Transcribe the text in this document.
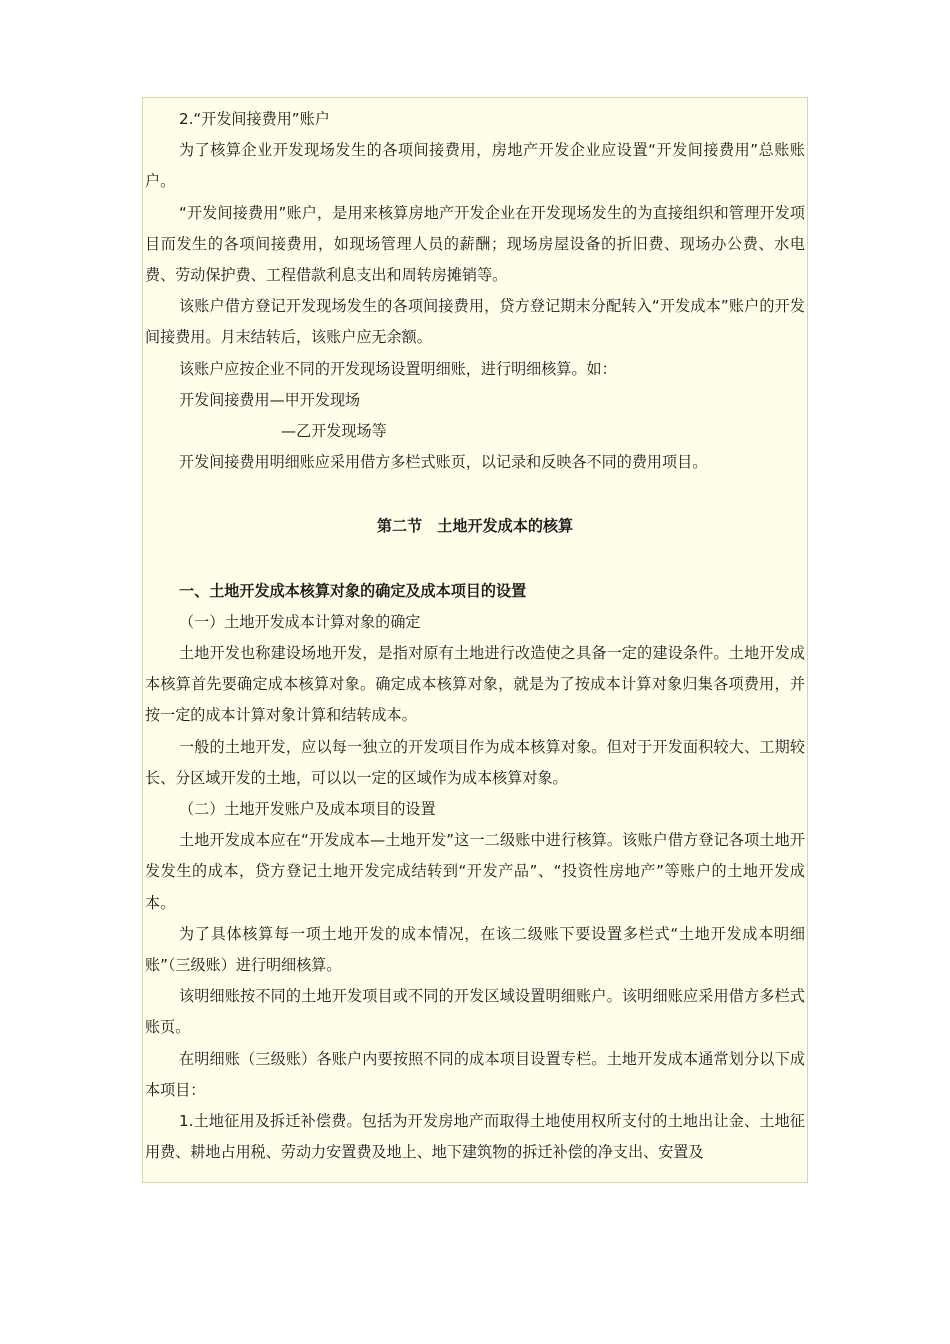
2.“开发间接费用”账户

为了核算企业开发现场发生的各项间接费用，房地产开发企业应设置“开发间接费用”总账账户。

“开发间接费用”账户，是用来核算房地产开发企业在开发现场发生的为直接组织和管理开发项目而发生的各项间接费用，如现场管理人员的薪酬；现场房屋设备的折旧费、现场办公费、水电费、劳动保护费、工程借款利息支出和周转房摊销等。

该账户借方登记开发现场发生的各项间接费用，贷方登记期末分配转入“开发成本”账户的开发间接费用。月末结转后，该账户应无余额。

该账户应按企业不同的开发现场设置明细账，进行明细核算。如：

开发间接费用—甲开发现场

—乙开发现场等

开发间接费用明细账应采用借方多栏式账页，以记录和反映各不同的费用项目。

第二节　土地开发成本的核算

一、土地开发成本核算对象的确定及成本项目的设置

（一）土地开发成本计算对象的确定

土地开发也称建设场地开发，是指对原有土地进行改造使之具备一定的建设条件。土地开发成本核算首先要确定成本核算对象。确定成本核算对象，就是为了按成本计算对象归集各项费用，并按一定的成本计算对象计算和结转成本。

一般的土地开发，应以每一独立的开发项目作为成本核算对象。但对于开发面积较大、工期较长、分区域开发的土地，可以以一定的区域作为成本核算对象。

（二）土地开发账户及成本项目的设置

土地开发成本应在“开发成本—土地开发”这一二级账中进行核算。该账户借方登记各项土地开发发生的成本，贷方登记土地开发完成结转到“开发产品”、“投资性房地产”等账户的土地开发成本。

为了具体核算每一项土地开发的成本情况，在该二级账下要设置多栏式“土地开发成本明细账”（三级账）进行明细核算。

该明细账按不同的土地开发项目或不同的开发区域设置明细账户。该明细账应采用借方多栏式账页。

在明细账（三级账）各账户内要按照不同的成本项目设置专栏。土地开发成本通常划分以下成本项目：

1.土地征用及拆迁补偿费。包括为开发房地产而取得土地使用权所支付的土地出让金、土地征用费、耕地占用税、劳动力安置费及地上、地下建筑物的拆迁补偿的净支出、安置及
